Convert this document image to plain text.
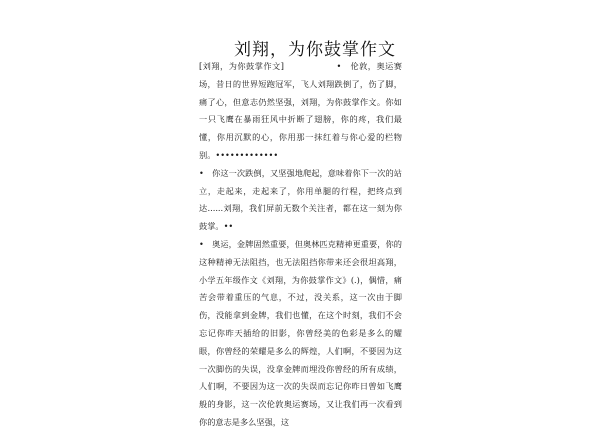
刘翔，为你鼓掌作文

[刘翔，为你鼓掌作文]　　　　　　•　伦敦，奥运赛场，昔日的世界短跑冠军，飞人刘翔跌倒了，伤了脚，痛了心，但意志仍然坚强，刘翔，为你鼓掌作文。你如一只飞鹰在暴雨狂风中折断了翅膀，你的疼，我们最懂，你用沉默的心，你用那一抹红着与你心爱的栏物别。•••••••••••••

•　你这一次跌倒，又坚强地爬起，意味着你下一次的站立，走起来，走起来了，你用单腿的行程，把终点到达......刘翔，我们屏前无数个关注者，都在这一刻为你鼓掌。••

•　奥运，金牌固然重要，但奥林匹克精神更重要，你的这种精神无法阻挡，也无法阻挡你带来还会很坦高翔，小学五年级作文《刘翔，为你鼓掌作文》(.)，偶惜，痛苦会带着重压的气息，不过，没关系，这一次由于脚伤，没能拿到金牌，我们也懂，在这个时刻，我们不会忘记你昨天插给的旧影，你曾经美的色彩是多么的耀眼，你曾经的荣耀是多么的辉煌，人们啊，不要因为这一次脚伤的失误，没拿金牌而埋没你曾经的所有成绩，人们啊，不要因为这一次的失误而忘记你昨日曾如飞鹰般的身影，这一次伦敦奥运赛场，又让我们再一次看到你的意志是多么坚强，这
